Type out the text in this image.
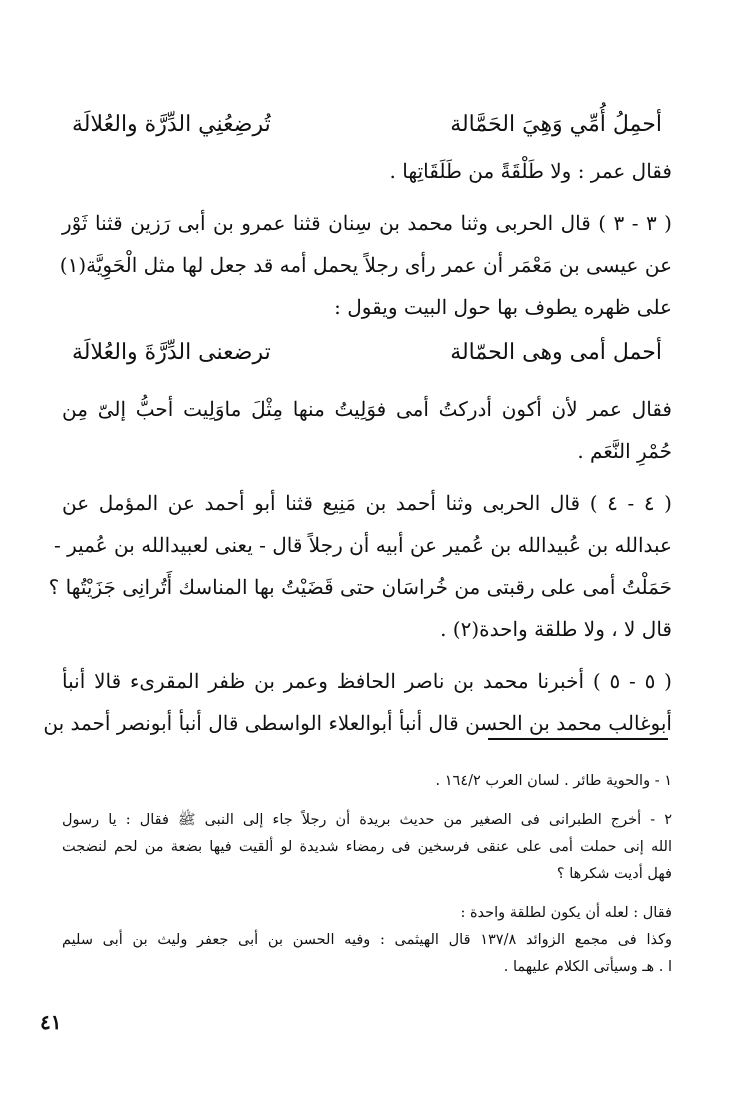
أحمِلُ أُمِّي وَهِيَ الحَمَّالة
تُرضِعُنِي الدِّرَّة والعُلالَة
فقال عمر : ولا طَلْقَةً من طَلَقَاتِها .
( ٣ - ٣ ) قال الحربى وثنا محمد بن سِنان قثنا عمرو بن أبى رَزين قثنا ثَوْر
عن عيسى بن مَعْمَر أن عمر رأى رجلاً يحمل أمه قد جعل لها مثل الْحَوِيَّة(١)
على ظهره يطوف بها حول البيت ويقول :
أحمل أمى وهى الحمّالة
ترضعنى الدِّرَّةَ والعُلالَة
فقال عمر لأن أكون أدركتُ أمى فوَلِيتُ منها مِثْلَ ماوَلِيت أحبُّ إلىّ مِن
حُمْرِ النَّعَم .
( ٤ - ٤ ) قال الحربى وثنا أحمد بن مَنِيع قثنا أبو أحمد عن المؤمل عن
عبدالله بن عُبيدالله بن عُمير عن أبيه أن رجلاً قال - يعنى لعبيدالله بن عُمير -
حَمَلْتُ أمى على رقبتى من خُراسَان حتى قَضَيْتُ بها المناسك أَتُرانِى جَزَيْتُها ؟
قال لا ، ولا طلقة واحدة(٢) .
( ٥ - ٥ ) أخبرنا محمد بن ناصر الحافظ وعمر بن ظفر المقرىء قالا أنبأ
أبوغالب محمد بن الحسن قال أنبأ أبوالعلاء الواسطى قال أنبأ أبونصر أحمد بن
١ - والحوية طائر . لسان العرب ١٦٤/٢ .
٢ - أخرج الطبرانى فى الصغير من حديث بريدة أن رجلاً جاء إلى النبى ﷺ فقال : يا رسول
الله إنى حملت أمى على عنقى فرسخين فى رمضاء شديدة لو ألقيت فيها بضعة من لحم لنضجت
فهل أديت شكرها ؟
فقال : لعله أن يكون لطلقة واحدة :
وكذا فى مجمع الزوائد ١٣٧/٨ قال الهيثمى : وفيه الحسن بن أبى جعفر وليث بن أبى سليم
ا . هـ وسيأتى الكلام عليهما .
٤١
